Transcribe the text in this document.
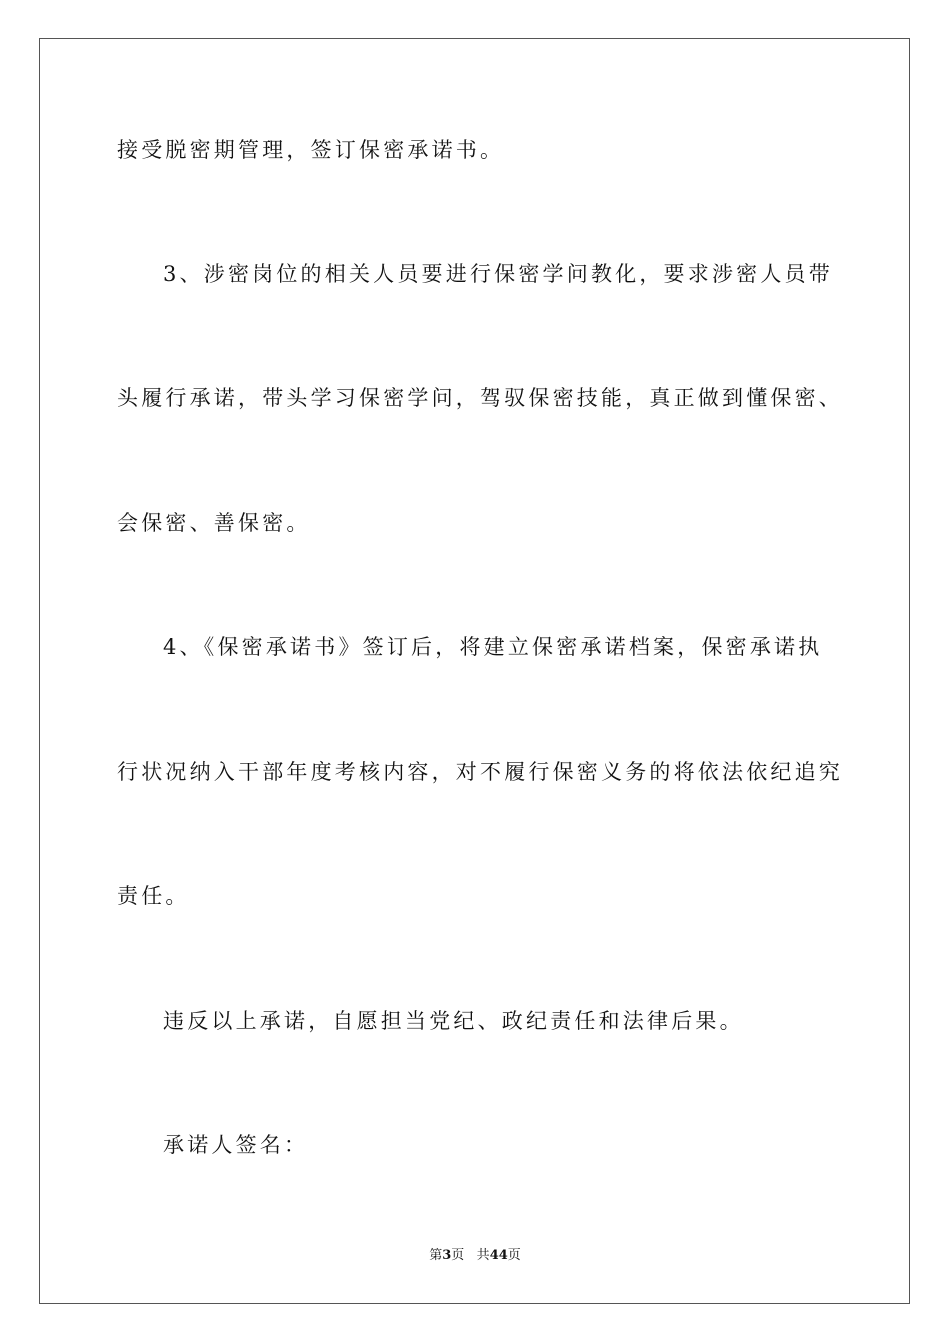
接受脱密期管理，签订保密承诺书。
3、涉密岗位的相关人员要进行保密学问教化，要求涉密人员带
头履行承诺，带头学习保密学问，驾驭保密技能，真正做到懂保密、
会保密、善保密。
4、《保密承诺书》签订后，将建立保密承诺档案，保密承诺执
行状况纳入干部年度考核内容，对不履行保密义务的将依法依纪追究
责任。
违反以上承诺，自愿担当党纪、政纪责任和法律后果。
承诺人签名：
第3页 共44页
